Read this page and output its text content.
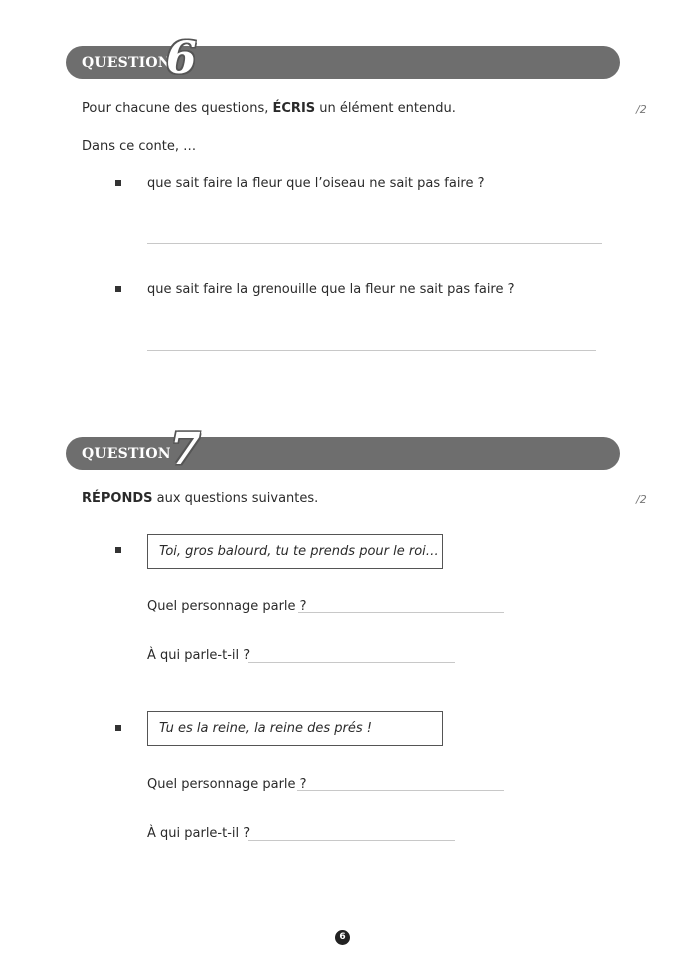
QUESTION
6
Pour chacune des questions, ÉCRIS un élément entendu.	/2
Dans ce conte, …
que sait faire la fleur que l’oiseau ne sait pas faire ?
que sait faire la grenouille que la fleur ne sait pas faire ?
QUESTION 7
RÉPONDS aux questions suivantes.	/2
Toi, gros balourd, tu te prends pour le roi…
Quel personnage parle ?
À qui parle-t-il ?
Tu es la reine, la reine des prés !
Quel personnage parle ?
À qui parle-t-il ?
6
